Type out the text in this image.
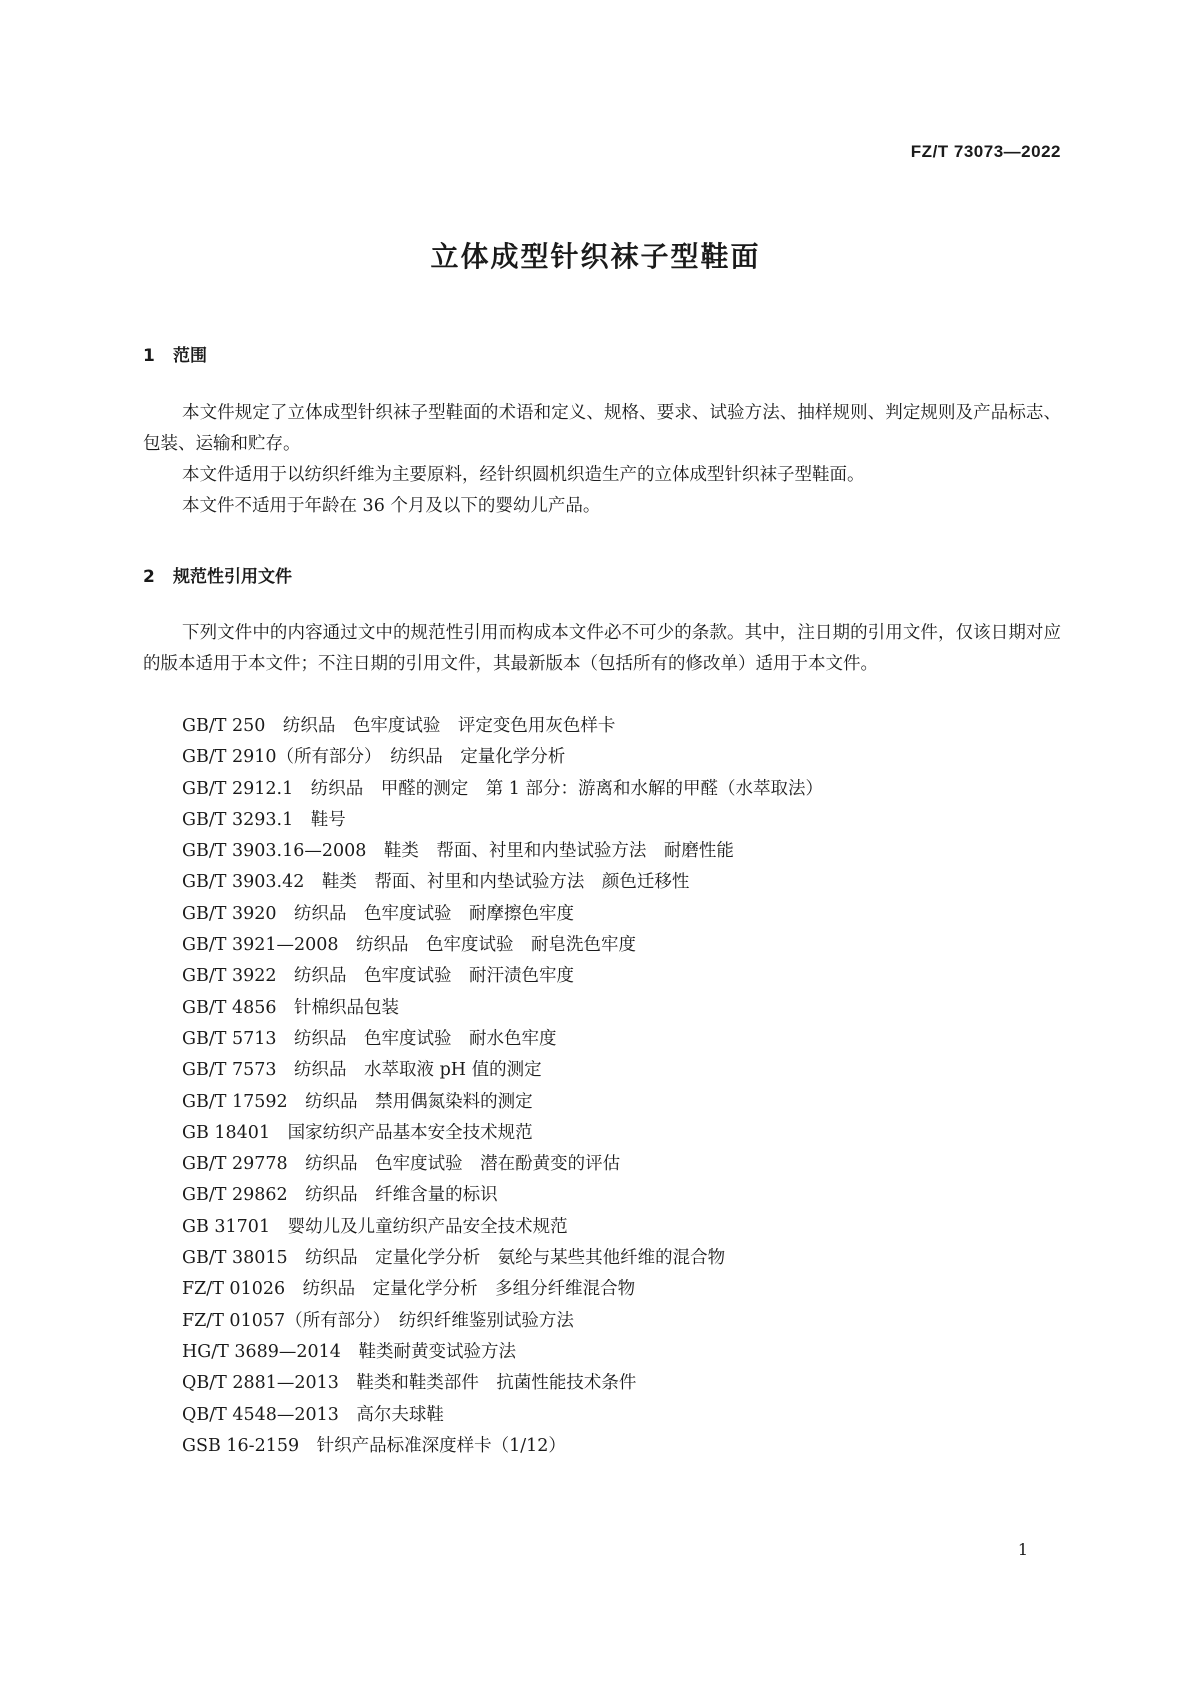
FZ/T 73073—2022
立体成型针织袜子型鞋面
1 范围

本文件规定了立体成型针织袜子型鞋面的术语和定义、规格、要求、试验方法、抽样规则、判定规则及产品标志、包装、运输和贮存。

本文件适用于以纺织纤维为主要原料，经针织圆机织造生产的立体成型针织袜子型鞋面。

本文件不适用于年龄在 36 个月及以下的婴幼儿产品。

2 规范性引用文件

下列文件中的内容通过文中的规范性引用而构成本文件必不可少的条款。其中，注日期的引用文件，仅该日期对应的版本适用于本文件；不注日期的引用文件，其最新版本（包括所有的修改单）适用于本文件。

GB/T 250　纺织品　色牢度试验　评定变色用灰色样卡
GB/T 2910（所有部分）　纺织品　定量化学分析
GB/T 2912.1　纺织品　甲醛的测定　第 1 部分：游离和水解的甲醛（水萃取法）
GB/T 3293.1　鞋号
GB/T 3903.16—2008　鞋类　帮面、衬里和内垫试验方法　耐磨性能
GB/T 3903.42　鞋类　帮面、衬里和内垫试验方法　颜色迁移性
GB/T 3920　纺织品　色牢度试验　耐摩擦色牢度
GB/T 3921—2008　纺织品　色牢度试验　耐皂洗色牢度
GB/T 3922　纺织品　色牢度试验　耐汗渍色牢度
GB/T 4856　针棉织品包装
GB/T 5713　纺织品　色牢度试验　耐水色牢度
GB/T 7573　纺织品　水萃取液 pH 值的测定
GB/T 17592　纺织品　禁用偶氮染料的测定
GB 18401　国家纺织产品基本安全技术规范
GB/T 29778　纺织品　色牢度试验　潜在酚黄变的评估
GB/T 29862　纺织品　纤维含量的标识
GB 31701　婴幼儿及儿童纺织产品安全技术规范
GB/T 38015　纺织品　定量化学分析　氨纶与某些其他纤维的混合物
FZ/T 01026　纺织品　定量化学分析　多组分纤维混合物
FZ/T 01057（所有部分）　纺织纤维鉴别试验方法
HG/T 3689—2014　鞋类耐黄变试验方法
QB/T 2881—2013　鞋类和鞋类部件　抗菌性能技术条件
QB/T 4548—2013　高尔夫球鞋
GSB 16-2159　针织产品标准深度样卡（1/12）
1
